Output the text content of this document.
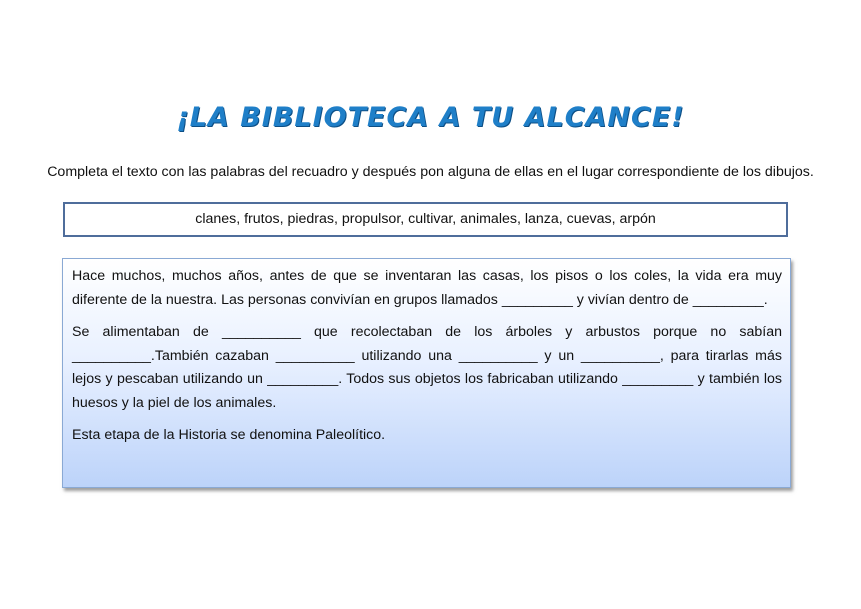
¡LA BIBLIOTECA A TU ALCANCE!

Completa el texto con las palabras del recuadro y después pon alguna de ellas en el lugar correspondiente de los dibujos.

clanes, frutos, piedras, propulsor, cultivar, animales, lanza, cuevas, arpón

Hace muchos, muchos años, antes de que se inventaran las casas, los pisos o los coles, la vida era muy diferente de la nuestra. Las personas convivían en grupos llamados _________ y vivían dentro de _________.

Se alimentaban de __________ que recolectaban de los árboles y arbustos porque no sabían __________.También cazaban __________ utilizando una __________ y un __________, para tirarlas más lejos y pescaban utilizando un _________. Todos sus objetos los fabricaban utilizando _________ y también los huesos y la piel de los animales.

Esta etapa de la Historia se denomina Paleolítico.
